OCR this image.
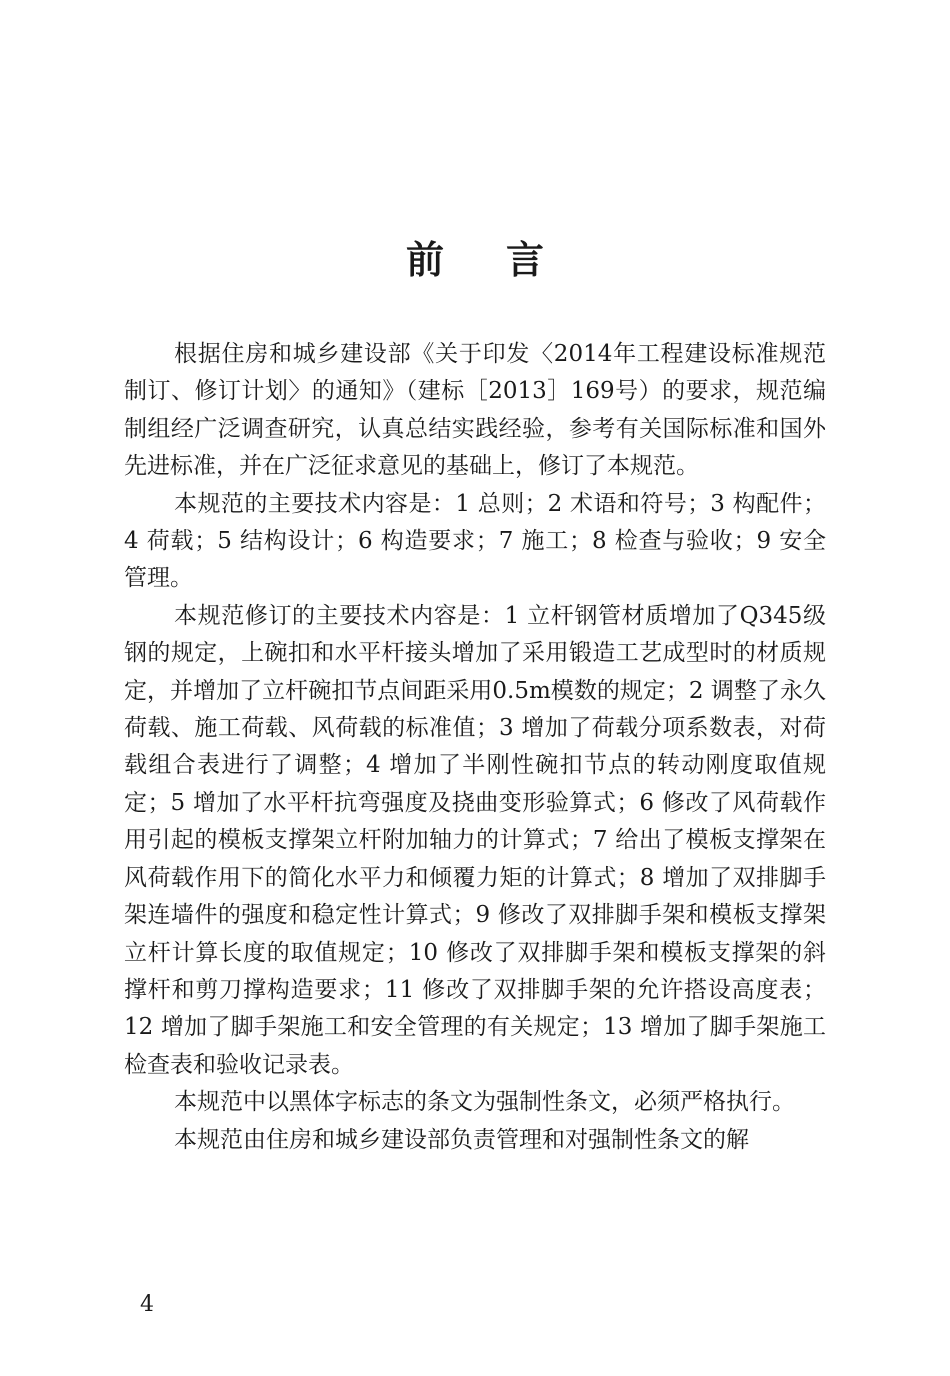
前言

根据住房和城乡建设部《关于印发〈2014年工程建设标准规范制订、修订计划〉的通知》（建标［2013］169号）的要求，规范编制组经广泛调查研究，认真总结实践经验，参考有关国际标准和国外先进标准，并在广泛征求意见的基础上，修订了本规范。

本规范的主要技术内容是：1 总则；2 术语和符号；3 构配件；4 荷载；5 结构设计；6 构造要求；7 施工；8 检查与验收；9 安全管理。

本规范修订的主要技术内容是：1 立杆钢管材质增加了Q345级钢的规定，上碗扣和水平杆接头增加了采用锻造工艺成型时的材质规定，并增加了立杆碗扣节点间距采用0.5m模数的规定；2 调整了永久荷载、施工荷载、风荷载的标准值；3 增加了荷载分项系数表，对荷载组合表进行了调整；4 增加了半刚性碗扣节点的转动刚度取值规定；5 增加了水平杆抗弯强度及挠曲变形验算式；6 修改了风荷载作用引起的模板支撑架立杆附加轴力的计算式；7 给出了模板支撑架在风荷载作用下的简化水平力和倾覆力矩的计算式；8 增加了双排脚手架连墙件的强度和稳定性计算式；9 修改了双排脚手架和模板支撑架立杆计算长度的取值规定；10 修改了双排脚手架和模板支撑架的斜撑杆和剪刀撑构造要求；11 修改了双排脚手架的允许搭设高度表；12 增加了脚手架施工和安全管理的有关规定；13 增加了脚手架施工检查表和验收记录表。

本规范中以黑体字标志的条文为强制性条文，必须严格执行。

本规范由住房和城乡建设部负责管理和对强制性条文的解

4
